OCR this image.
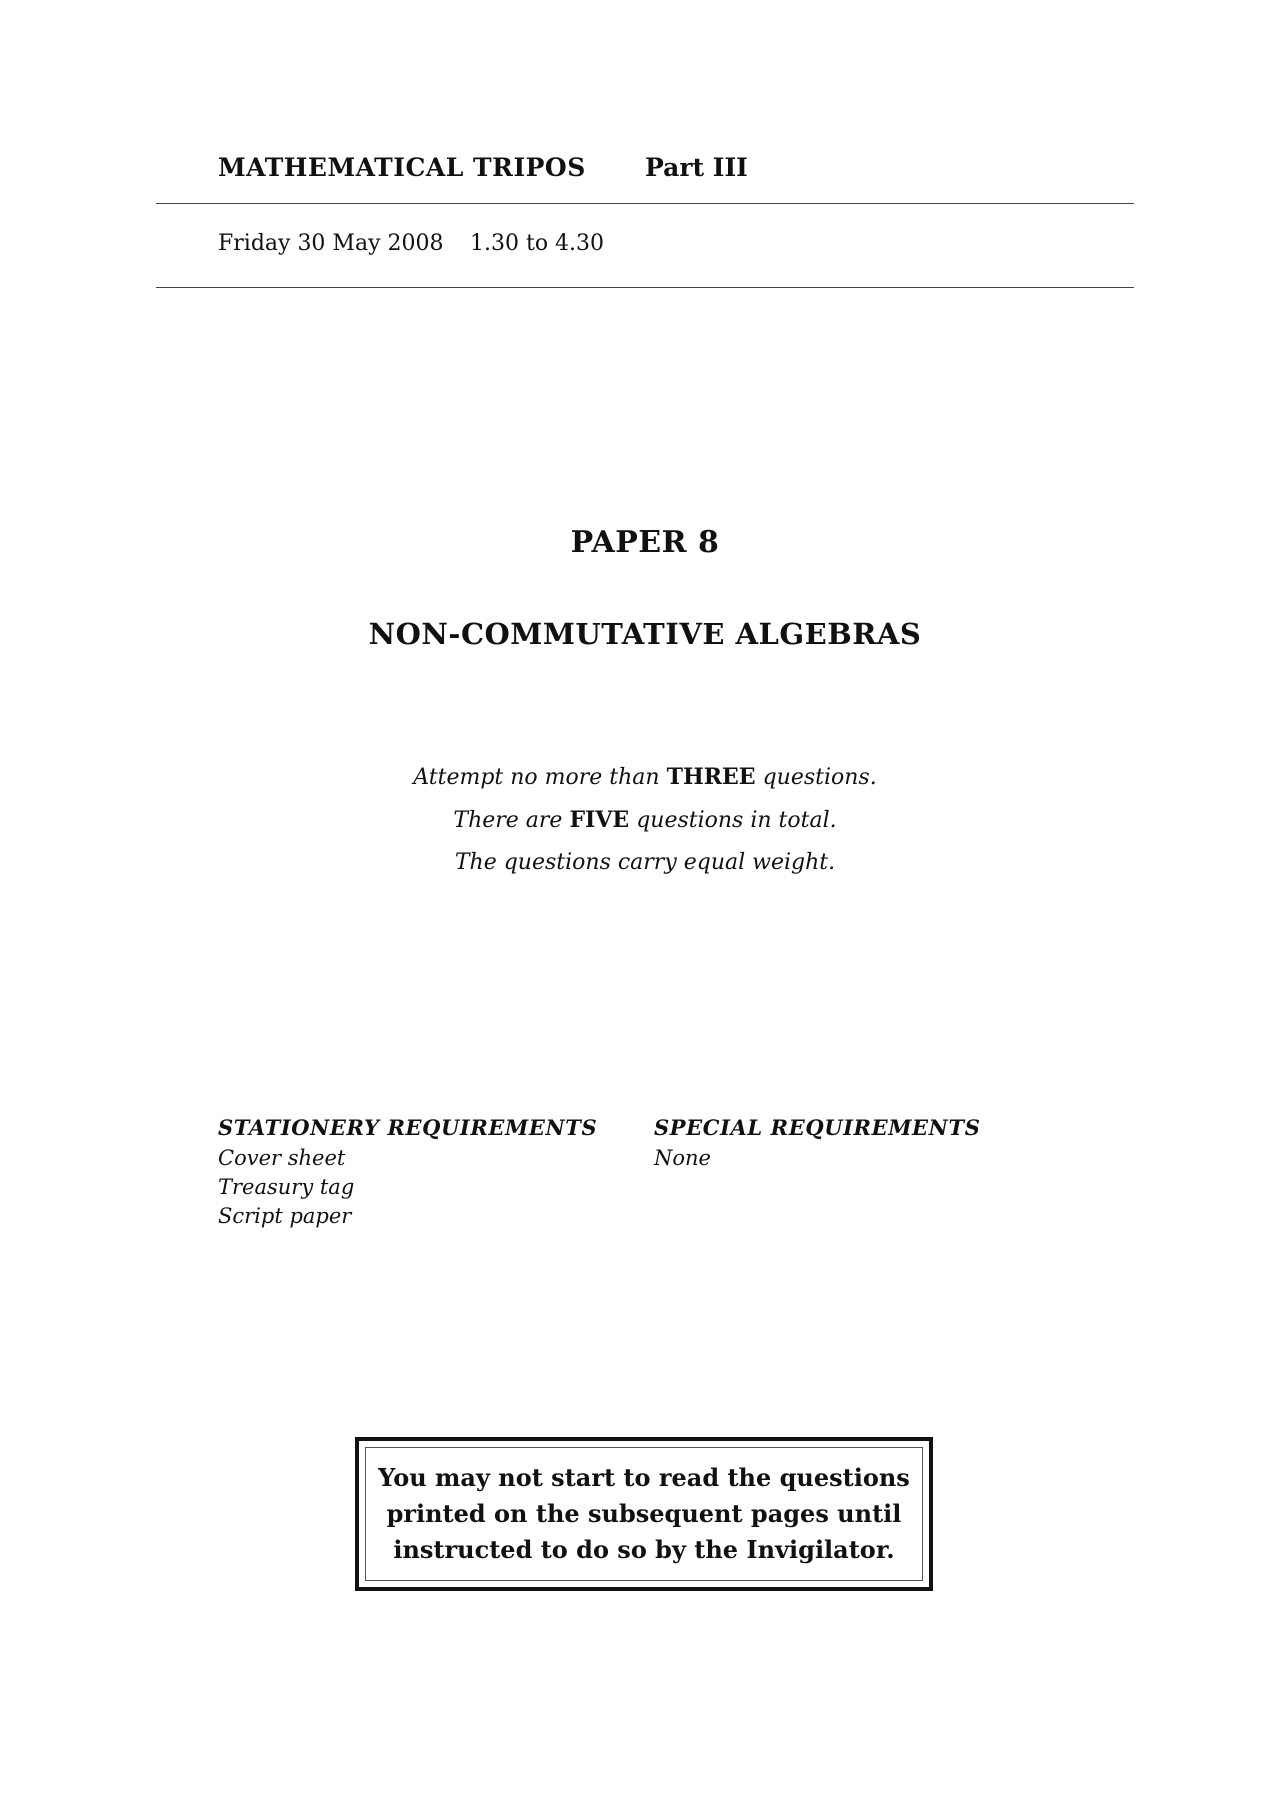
MATHEMATICAL TRIPOS Part III
Friday 30 May 2008 1.30 to 4.30
PAPER 8
NON-COMMUTATIVE ALGEBRAS
Attempt no more than THREE questions.
There are FIVE questions in total.
The questions carry equal weight.
STATIONERY REQUIREMENTS
Cover sheet
Treasury tag
Script paper
SPECIAL REQUIREMENTS
None
You may not start to read the questions
printed on the subsequent pages until
instructed to do so by the Invigilator.
